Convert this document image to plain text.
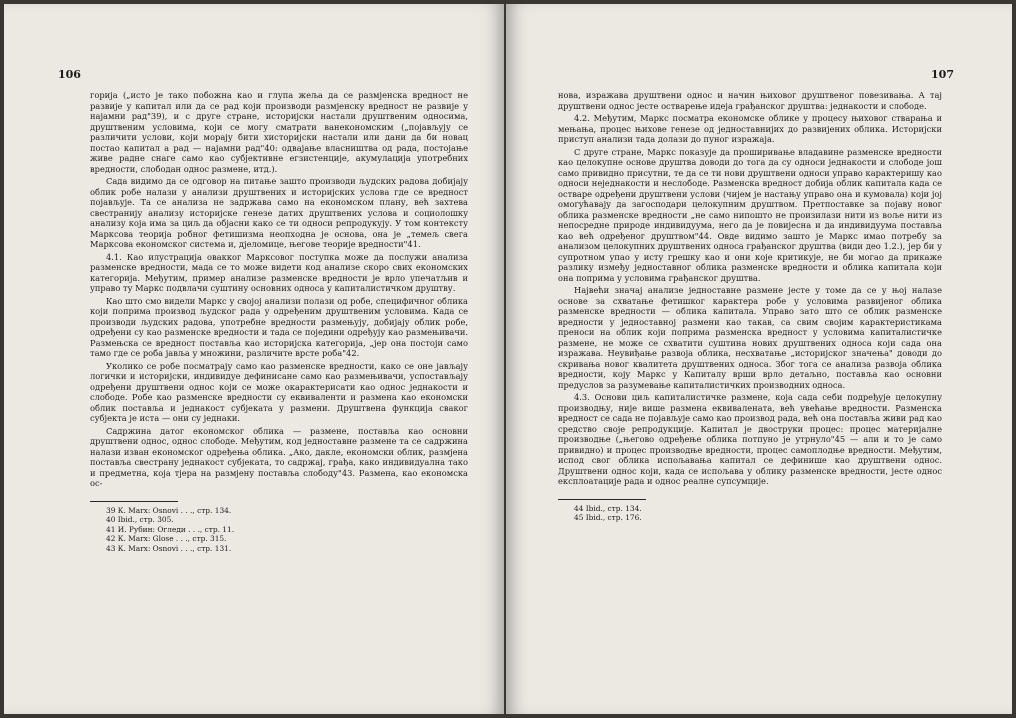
106

горија („исто је тако побожна као и глупа жеља да се размјенска вредност не развије у капитал или да се рад који производи размјенску вредност не развије у најамни рад"39), и с друге стране, историјски настали друштвеним односима, друштвеним условима, који се могу сматрати ванекономским („појављују се различити услови, који морају бити хисторијски настали или дани да би новац постао капитал а рад — најамни рад"40: одвајање власништва од рада, постојање живе радне снаге само као субјективне егзистенције, акумулација употребних вредности, слободан однос размене, итд.).

Сада видимо да се одговор на питање зашто производи људских радова добијају облик робе налази у анализи друштвених и историјских услова где се вредност појављује. Та се анализа не задржава само на економском плану, већ захтева свестранију анализу историјске генезе датих друштвених услова и социолошку анализу која има за циљ да објасни како се ти односи репродукују. У том контексту Марксова теорија робног фетишизма неопходна је основа, она је „темељ свега Марксова економског система и, дјеломице, његове теорије вредности"41.

4.1. Као илустрација овакког Марксовог поступка може да послужи анализа разменске вредности, мада се то може видети код анализе скоро свих економских категорија. Међутим, пример анализе разменске вредности је врло упечатљив и управо ту Маркс подвлачи суштину основних односа у капиталистичком друштву.

Као што смо видели Маркс у својој анализи полази од робе, специфичног облика који поприма производ људског рада у одређеним друштвеним условима. Када се производи људских радова, употребне вредности размењују, добијају облик робе, одређени су као разменске вредности и тада се поједини одређују као размењивачи. Размењска се вредност поставља као историјска категорија, „јер она постоји само тамо где се роба јавља у множини, различите врсте роба"42.

Уколико се робе посматрају само као разменске вредности, како се оне јављају логички и историјски, индивидуе дефинисане само као размењивачи, успостављају одређени друштвени однос који се може окарактерисати као однос једнакости и слободе. Робе као разменске вредности су еквиваленти и размена као економски облик поставља и једнакост субјеката у размени. Друштвена функција сваког субјекта је иста — они су једнаки.

Садржина датог економског облика — размене, поставља као основни друштвени однос, однос слободе. Међутим, код једноставне размене та се садржина налази изван економског одређења облика. „Ако, дакле, економски облик, размјена поставља свестрану једнакост субјеката, то садржај, грађа, како индивидуална тако и предметна, која тјера на размјену поставља слободу"43. Размена, као економска ос-

39 К. Marx: Osnovi . . ., стр. 134.
40 Ibid., стр. 305.
41 И. Рубин: Огледи . . ., стр. 11.
42 К. Marx: Glose . . ., стр. 315.
43 К. Marx: Osnovi . . ., стр. 131.
107

нова, изражава друштвени однос и начин њиховог друштвеног повезивања. А тај друштвени однос јесте остварење идеја грађанског друштва: једнакости и слободе.

4.2. Међутим, Маркс посматра економске облике у процесу њиховог стварања и мењања, процес њихове генезе од једноставнијих до развијених облика. Историјски приступ анализи тада долази до пуног изражаја.

С друге стране, Маркс показује да проширивање владавине разменске вредности као целокупне основе друштва доводи до тога да су односи једнакости и слободе још само привидно присутни, те да се ти нови друштвени односи управо карактеришу као односи неједнакости и неслободе. Разменска вредност добија облик капитала када се оствaре одређени друштвени услови (чијем је настању управо она и кумовала) који јој омогућавају да загосподари целокупним друштвом. Претпоставке за појаву новог облика разменске вредности „не само нипошто не произилази нити из воље нити из непосредне природе индивидуума, него да је повијесна и да индивидуума поставља као већ одређеног друштвом"44. Овде видимо зашто је Маркс имао потребу за анализом целокупних друштвених односа грађанског друштва (види део 1.2.), јер би у супротном упао у исту грешку као и они које критикује, не би могао да прикаже разлику између једноставног облика разменске вредности и облика капитала који она поприма у условима грађанског друштва.

Највећи значај анализе једноставне размене јесте у томе да се у њој налазе основе за схватање фетишког карактера робе у условима развијеног облика разменске вредности — облика капитала. Управо зато што се облик разменске вредности у једноставној размени као такав, са свим својим карактеристикама преноси на облик који поприма разменска вредност у условима капиталистичке размене, не може се схватити суштина нових друштвених односа који сада она изражава. Неувиђање развоја облика, несхватање „историјског значења" доводи до скривања новог квалитета друштвених односа. Због тога се анализа развоја облика вредности, коју Маркс у Капиталу врши врло детаљно, поставља као основни предуслов за разумевање капиталистичких производних односа.

4.3. Основи циљ капиталистичке размене, која сада себи подређује целокупну производњу, није више размена еквивалената, већ увећање вредности. Разменска вредност се сада не појављује само као производ рада, већ она поставља живи рад као средство своје репродукције. Капитал је двоструки процес: процес материјалне производње („његово одређење облика потпуно је утрнуло"45 — али и то је само привидно) и процес производње вредности, процес самоплодње вредности. Међутим, испод свог облика испољавања капитал се дефинише као друштвени однос. Друштвени однос који, када се испољава у облику разменске вредности, јесте однос експлоатације рада и однос реалне супсумције.

44 Ibid., стр. 134.
45 Ibid., стр. 176.
